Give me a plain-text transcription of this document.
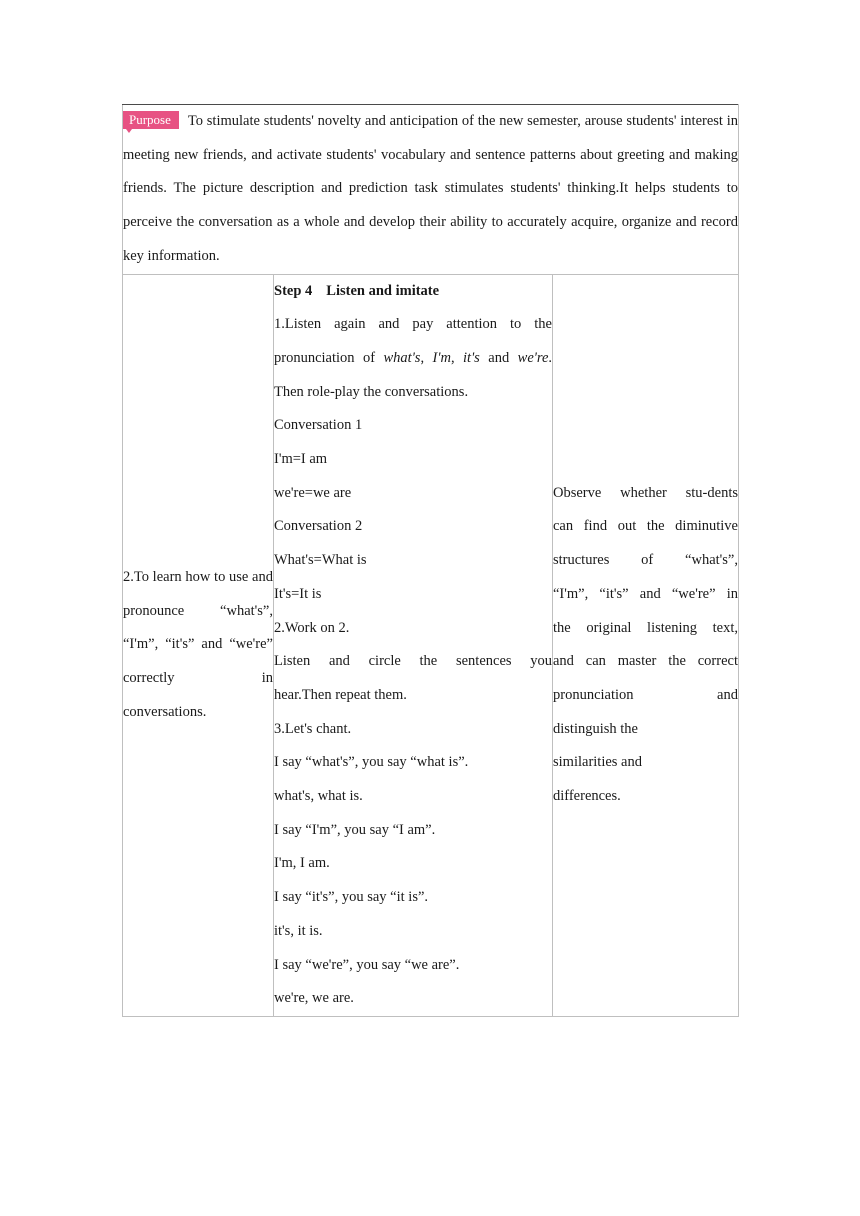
Purpose To stimulate students' novelty and anticipation of the new semester, arouse students' interest in meeting new friends, and activate students' vocabulary and sentence patterns about greeting and making friends. The picture description and prediction task stimulates students' thinking.It helps students to perceive the conversation as a whole and develop their ability to accurately acquire, organize and record key information.

2.To learn how to use and pronounce “what's”, “I'm”, “it's” and “we're” correctly in conversations.

Step 4 Listen and imitate
1.Listen again and pay attention to the
pronunciation of what's, I'm, it's and we're.
Then role-play the conversations.
Conversation 1
I'm=I am
we're=we are
Conversation 2
What's=What is
It's=It is
2.Work on 2.
Listen and circle the sentences you
hear.Then repeat them.
3.Let's chant.
I say “what's”, you say “what is”.
what's, what is.
I say “I'm”, you say “I am”.
I'm, I am.
I say “it's”, you say “it is”.
it's, it is.
I say “we're”, you say “we are”.
we're, we are.

Observe whether stu-dents
can find out the diminutive
structures of “what's”,
“I'm”, “it's” and “we're” in
the original listening text,
and can master the correct
pronunciation and
distinguish the
similarities and
differences.
